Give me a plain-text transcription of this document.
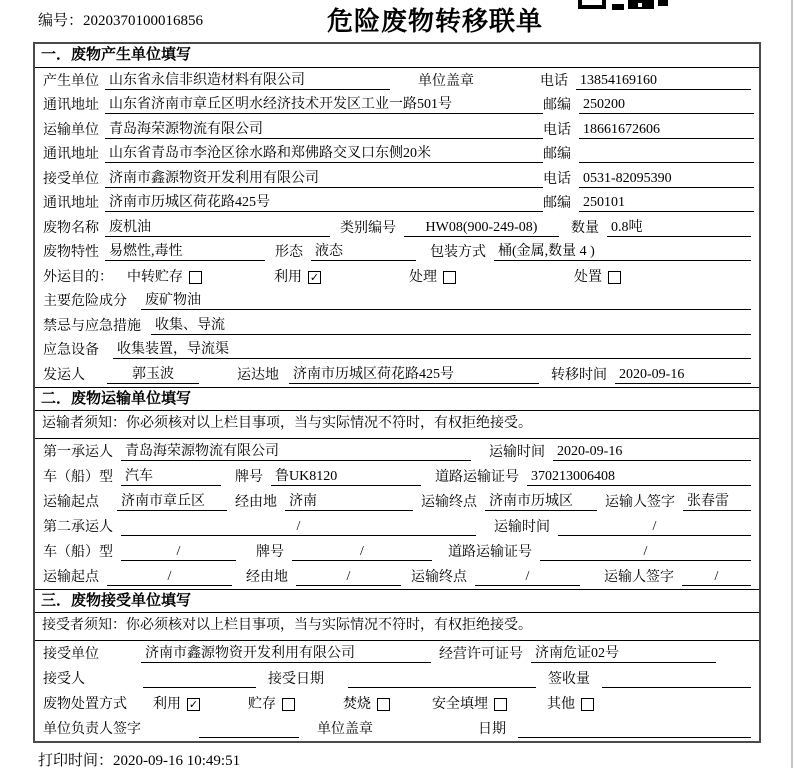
编号：2020370100016856	危险废物转移联单
一．废物产生单位填写
产生单位 山东省永信非织造材料有限公司	单位盖章	电话 13854169160
通讯地址 山东省济南市章丘区明水经济技术开发区工业一路501号	邮编 250200
运输单位 青岛海荣源物流有限公司	电话 18661672606
通讯地址 山东省青岛市李沧区徐水路和郑佛路交叉口东侧20米	邮编
接受单位 济南市鑫源物资开发利用有限公司	电话 0531-82095390
通讯地址 济南市历城区荷花路425号	邮编 250101
废物名称 废机油	类别编号	HW08(900-249-08)	数量 0.8吨
废物特性 易燃性,毒性	形态 液态	包装方式 桶(金属,数量 4 )
外运目的： 中转贮存	利用 ✓	处理	处置
主要危险成分 废矿物油
禁忌与应急措施 收集、导流
应急设备 收集装置，导流渠
发运人	郭玉波	运达地 济南市历城区荷花路425号	转移时间 2020-09-16
二．废物运输单位填写
运输者须知：你必须核对以上栏目事项，当与实际情况不符时，有权拒绝接受。
第一承运人 青岛海荣源物流有限公司	运输时间 2020-09-16
车（船）型 汽车	牌号 鲁UK8120	道路运输证号 370213006408
运输起点 济南市章丘区	经由地 济南	运输终点 济南市历城区	运输人签字 张春雷
第二承运人	/	运输时间	/
车（船）型	/	牌号	/	道路运输证号	/
运输起点	/	经由地	/	运输终点	/	运输人签字	/
三．废物接受单位填写
接受者须知：你必须核对以上栏目事项，当与实际情况不符时，有权拒绝接受。
接受单位	济南市鑫源物资开发利用有限公司	经营许可证号 济南危证02号
接受人	接受日期	签收量
废物处置方式 利用 ✓	贮存	焚烧	安全填埋	其他
单位负责人签字	单位盖章	日期
打印时间：2020-09-16 10:49:51
